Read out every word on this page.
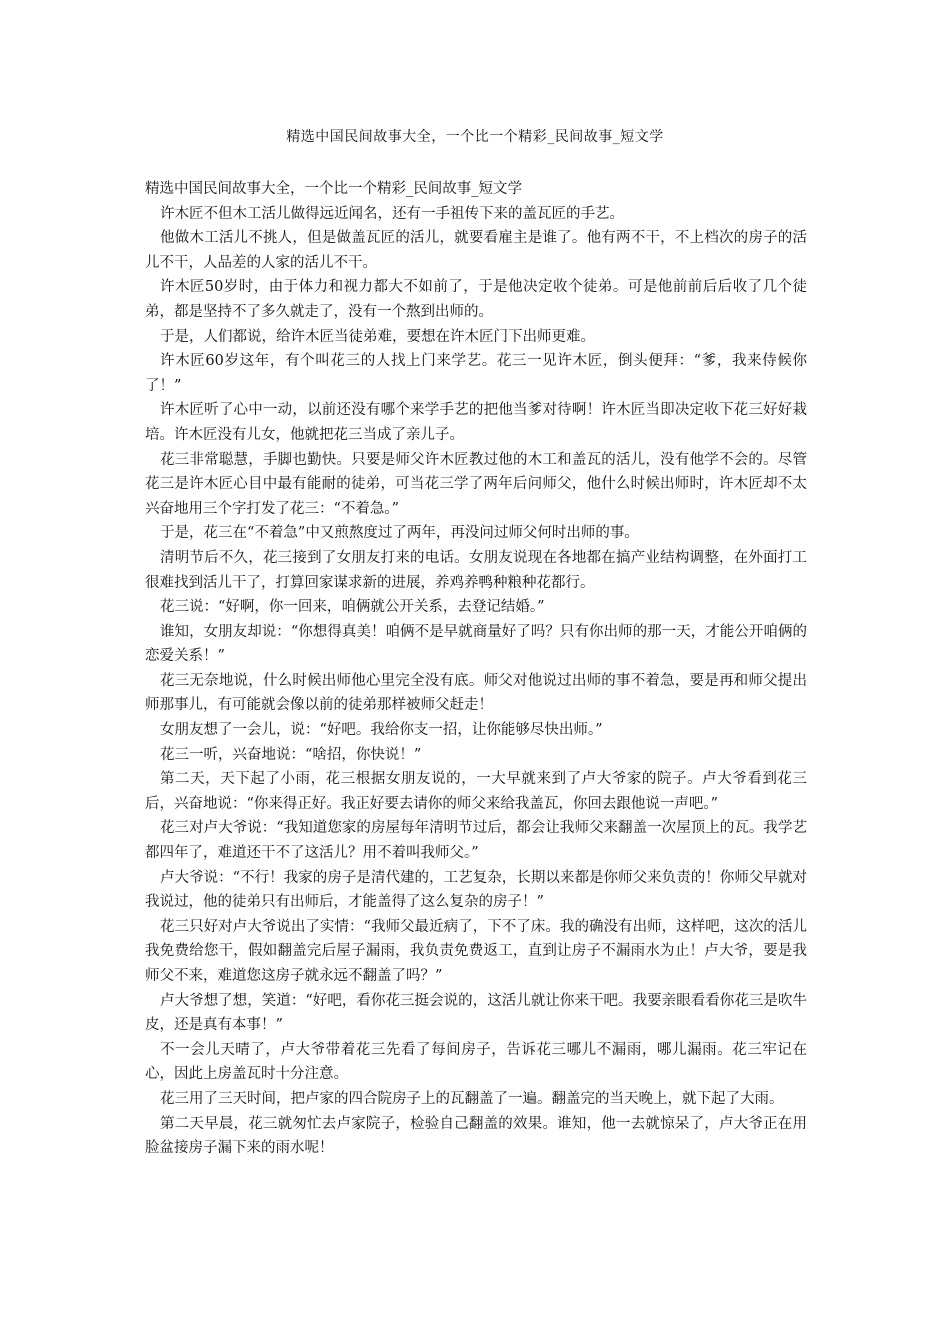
精选中国民间故事大全，一个比一个精彩_民间故事_短文学

精选中国民间故事大全，一个比一个精彩_民间故事_短文学

许木匠不但木工活儿做得远近闻名，还有一手祖传下来的盖瓦匠的手艺。

他做木工活儿不挑人，但是做盖瓦匠的活儿，就要看雇主是谁了。他有两不干，不上档次的房子的活儿不干，人品差的人家的活儿不干。

许木匠50岁时，由于体力和视力都大不如前了，于是他决定收个徒弟。可是他前前后后收了几个徒弟，都是坚持不了多久就走了，没有一个熬到出师的。

于是，人们都说，给许木匠当徒弟难，要想在许木匠门下出师更难。

许木匠60岁这年，有个叫花三的人找上门来学艺。花三一见许木匠，倒头便拜：“爹，我来侍候你了！”

许木匠听了心中一动，以前还没有哪个来学手艺的把他当爹对待啊！许木匠当即决定收下花三好好栽培。许木匠没有儿女，他就把花三当成了亲儿子。

花三非常聪慧，手脚也勤快。只要是师父许木匠教过他的木工和盖瓦的活儿，没有他学不会的。尽管花三是许木匠心目中最有能耐的徒弟，可当花三学了两年后问师父，他什么时候出师时，许木匠却不太兴奋地用三个字打发了花三：“不着急。”

于是，花三在“不着急”中又煎熬度过了两年，再没问过师父何时出师的事。

清明节后不久，花三接到了女朋友打来的电话。女朋友说现在各地都在搞产业结构调整，在外面打工很难找到活儿干了，打算回家谋求新的进展，养鸡养鸭种粮种花都行。

花三说：“好啊，你一回来，咱俩就公开关系，去登记结婚。”

谁知，女朋友却说：“你想得真美！咱俩不是早就商量好了吗？只有你出师的那一天，才能公开咱俩的恋爱关系！”

花三无奈地说，什么时候出师他心里完全没有底。师父对他说过出师的事不着急，要是再和师父提出师那事儿，有可能就会像以前的徒弟那样被师父赶走！

女朋友想了一会儿，说：“好吧。我给你支一招，让你能够尽快出师。”

花三一听，兴奋地说：“啥招，你快说！”

第二天，天下起了小雨，花三根据女朋友说的，一大早就来到了卢大爷家的院子。卢大爷看到花三后，兴奋地说：“你来得正好。我正好要去请你的师父来给我盖瓦，你回去跟他说一声吧。”

花三对卢大爷说：“我知道您家的房屋每年清明节过后，都会让我师父来翻盖一次屋顶上的瓦。我学艺都四年了，难道还干不了这活儿？用不着叫我师父。”

卢大爷说：“不行！我家的房子是清代建的，工艺复杂，长期以来都是你师父来负责的！你师父早就对我说过，他的徒弟只有出师后，才能盖得了这么复杂的房子！”

花三只好对卢大爷说出了实情：“我师父最近病了，下不了床。我的确没有出师，这样吧，这次的活儿我免费给您干，假如翻盖完后屋子漏雨，我负责免费返工，直到让房子不漏雨水为止！卢大爷，要是我师父不来，难道您这房子就永远不翻盖了吗？”

卢大爷想了想，笑道：“好吧，看你花三挺会说的，这活儿就让你来干吧。我要亲眼看看你花三是吹牛皮，还是真有本事！”

不一会儿天晴了，卢大爷带着花三先看了每间房子，告诉花三哪儿不漏雨，哪儿漏雨。花三牢记在心，因此上房盖瓦时十分注意。

花三用了三天时间，把卢家的四合院房子上的瓦翻盖了一遍。翻盖完的当天晚上，就下起了大雨。

第二天早晨，花三就匆忙去卢家院子，检验自己翻盖的效果。谁知，他一去就惊呆了，卢大爷正在用脸盆接房子漏下来的雨水呢！
